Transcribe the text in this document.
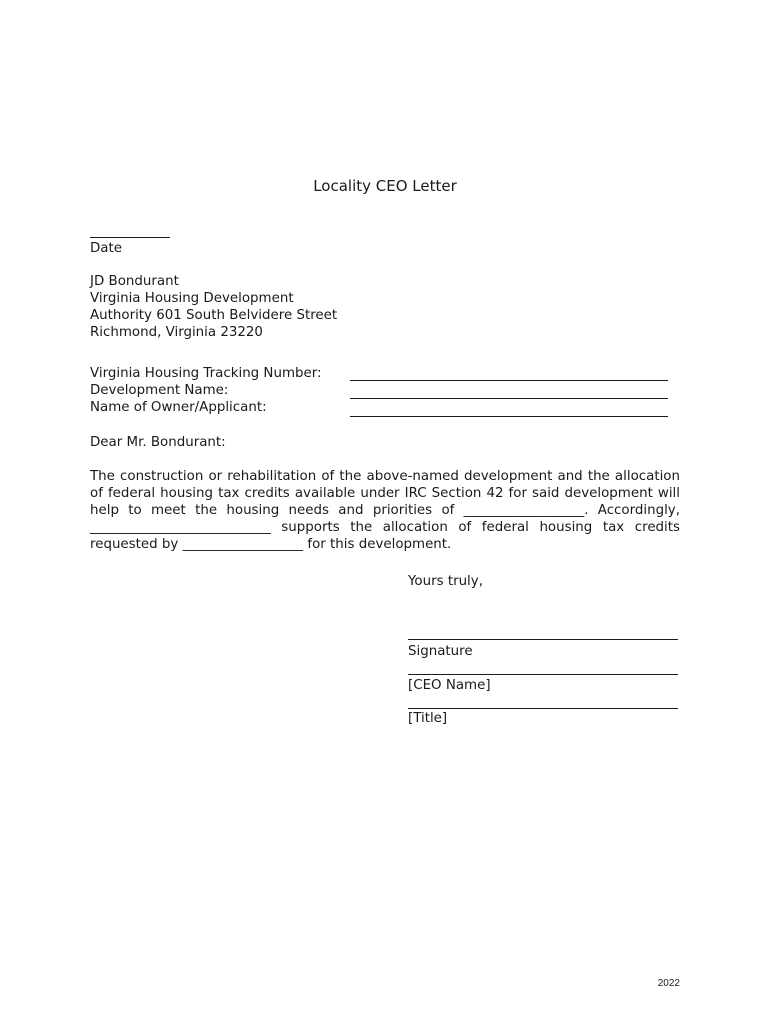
Locality CEO Letter
Date
JD Bondurant
Virginia Housing Development
Authority 601 South Belvidere Street
Richmond, Virginia 23220
Virginia Housing Tracking Number:
Development Name:
Name of Owner/Applicant:
Dear Mr. Bondurant:
The construction or rehabilitation of the above-named development and the allocation of federal housing tax credits available under IRC Section 42 for said development will help to meet the housing needs and priorities of __________________. Accordingly, ___________________________ supports the allocation of federal housing tax credits requested by __________________ for this development.
Yours truly,
Signature
[CEO Name]
[Title]
2022
